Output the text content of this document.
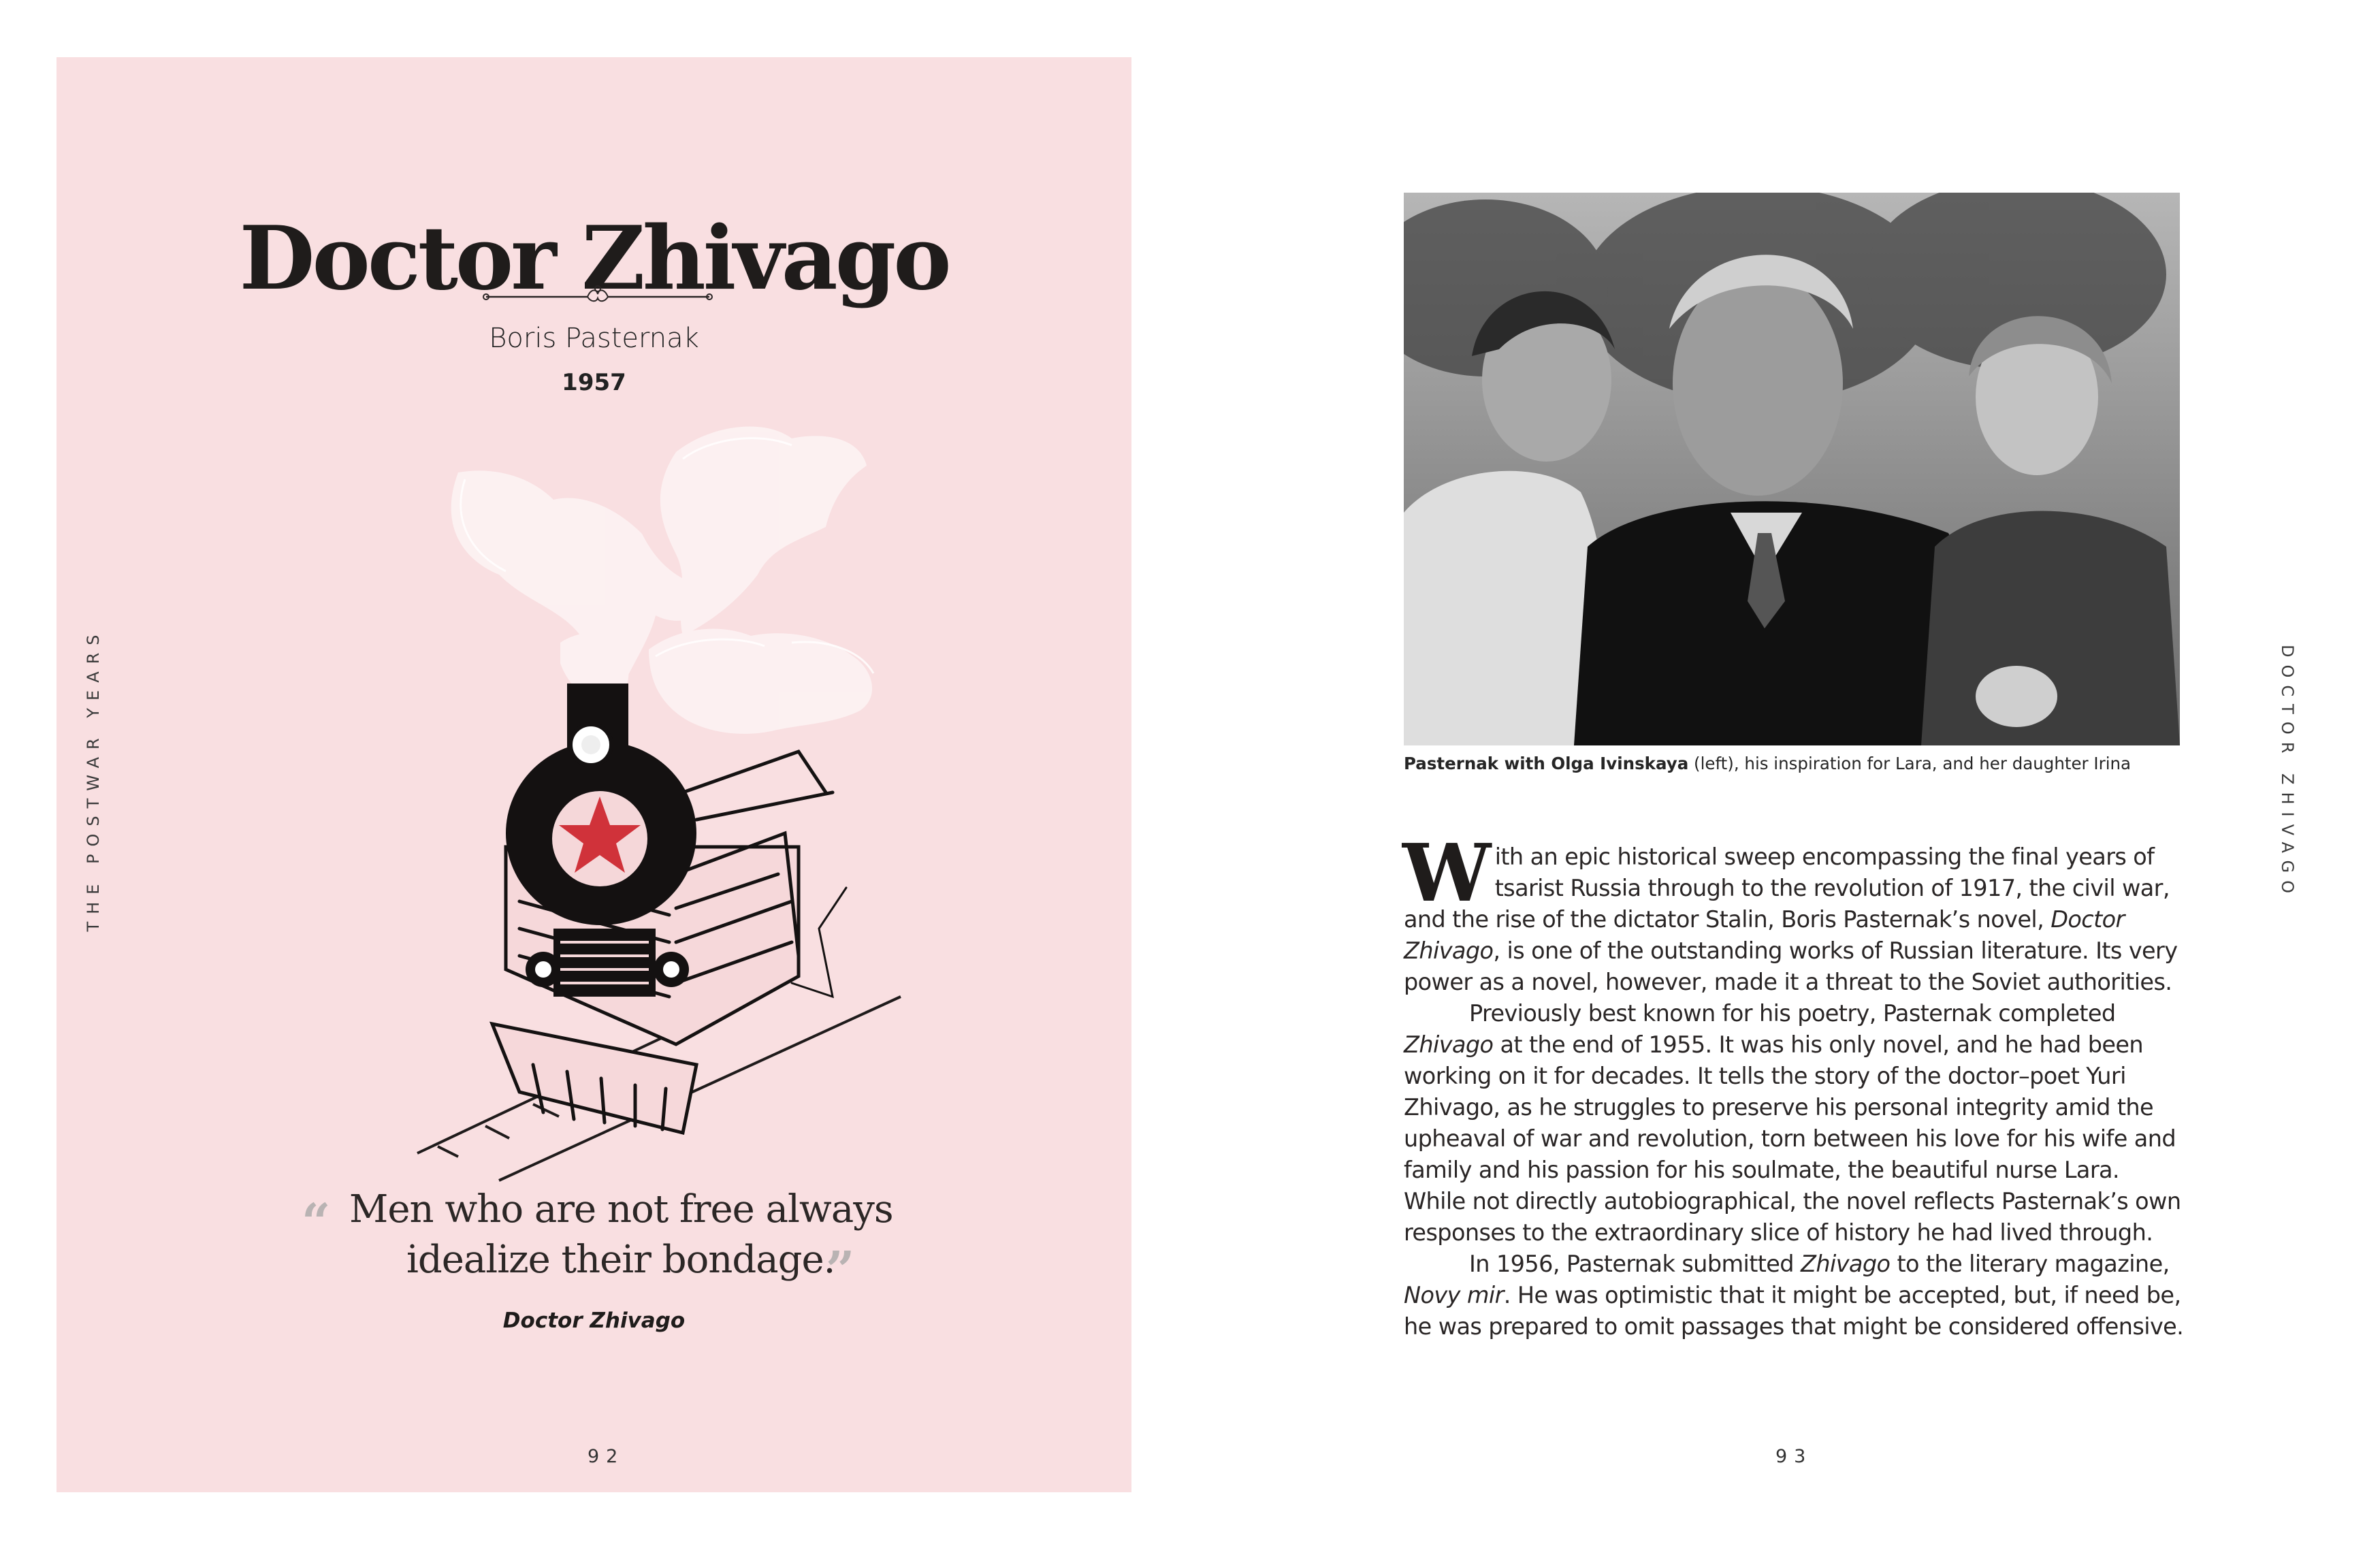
Doctor Zhivago
Boris Pasternak
1957
“ Men who are not free always
idealize their bondage.
”
Doctor Zhivago
92
THE POSTWAR YEARS	Pasternak with Olga Ivinskaya (left), his inspiration for Lara, and her daughter Irina

With an epic historical sweep encompassing the final years of tsarist Russia through to the revolution of 1917, the civil war, and the rise of the dictator Stalin, Boris Pasternak’s novel, Doctor Zhivago, is one of the outstanding works of Russian literature. Its very power as a novel, however, made it a threat to the Soviet authorities.

Previously best known for his poetry, Pasternak completed Zhivago at the end of 1955. It was his only novel, and he had been working on it for decades. It tells the story of the doctor–poet Yuri Zhivago, as he struggles to preserve his personal integrity amid the upheaval of war and revolution, torn between his love for his wife and family and his passion for his soulmate, the beautiful nurse Lara. While not directly autobiographical, the novel reflects Pasternak’s own responses to the extraordinary slice of history he had lived through.

In 1956, Pasternak submitted Zhivago to the literary magazine, Novy mir. He was optimistic that it might be accepted, but, if need be, he was prepared to omit passages that might be considered offensive.

93
DOCTOR ZHIVAGO
